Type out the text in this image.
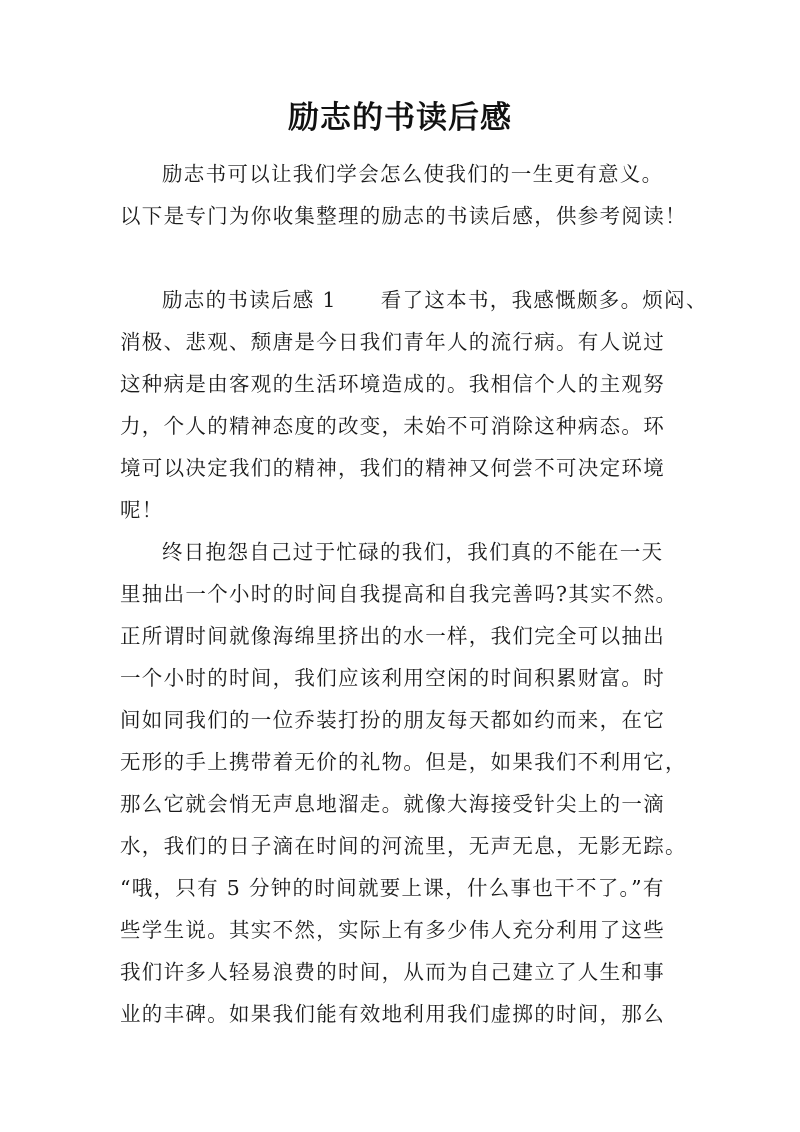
励志的书读后感
励志书可以让我们学会怎么使我们的一生更有意义。
以下是专门为你收集整理的励志的书读后感，供参考阅读！
励志的书读后感 1 看了这本书，我感慨颇多。烦闷、
消极、悲观、颓唐是今日我们青年人的流行病。有人说过
这种病是由客观的生活环境造成的。我相信个人的主观努
力，个人的精神态度的改变，未始不可消除这种病态。环
境可以决定我们的精神，我们的精神又何尝不可决定环境
呢！
终日抱怨自己过于忙碌的我们，我们真的不能在一天
里抽出一个小时的时间自我提高和自我完善吗?其实不然。
正所谓时间就像海绵里挤出的水一样，我们完全可以抽出
一个小时的时间，我们应该利用空闲的时间积累财富。时
间如同我们的一位乔装打扮的朋友每天都如约而来，在它
无形的手上携带着无价的礼物。但是，如果我们不利用它，
那么它就会悄无声息地溜走。就像大海接受针尖上的一滴
水，我们的日子滴在时间的河流里，无声无息，无影无踪。
“哦，只有 5 分钟的时间就要上课，什么事也干不了。”有
些学生说。其实不然，实际上有多少伟人充分利用了这些
我们许多人轻易浪费的时间，从而为自己建立了人生和事
业的丰碑。如果我们能有效地利用我们虚掷的时间，那么
